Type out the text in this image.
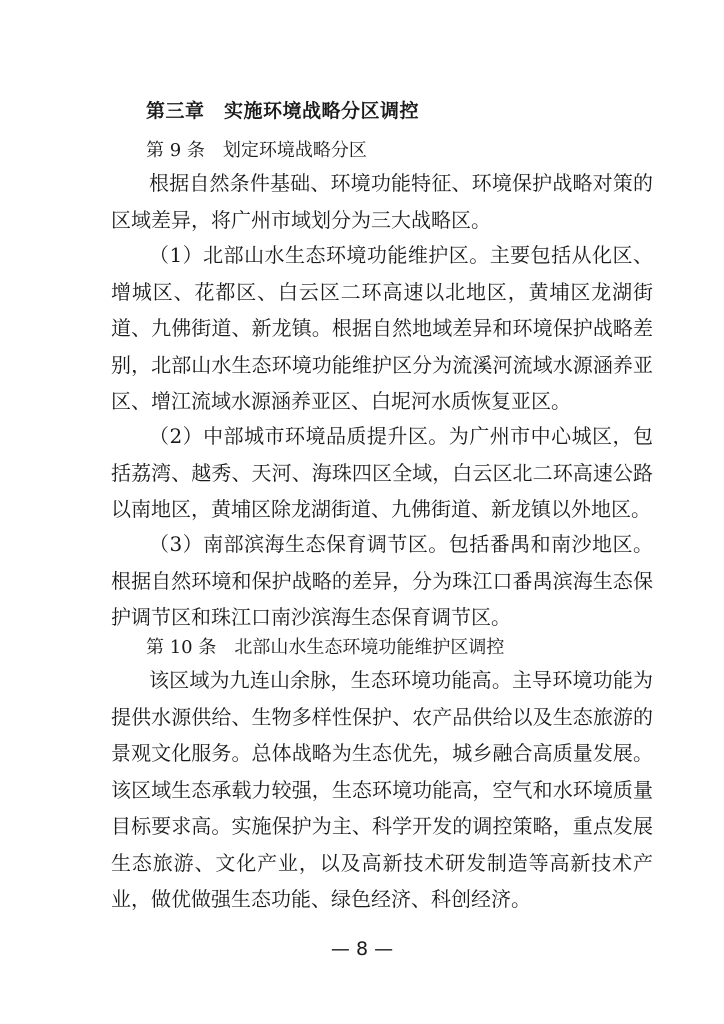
第三章　实施环境战略分区调控
第 9 条　划定环境战略分区
根据自然条件基础、环境功能特征、环境保护战略对策的区域差异，将广州市域划分为三大战略区。
（1）北部山水生态环境功能维护区。主要包括从化区、增城区、花都区、白云区二环高速以北地区，黄埔区龙湖街道、九佛街道、新龙镇。根据自然地域差异和环境保护战略差别，北部山水生态环境功能维护区分为流溪河流域水源涵养亚区、增江流域水源涵养亚区、白坭河水质恢复亚区。
（2）中部城市环境品质提升区。为广州市中心城区，包括荔湾、越秀、天河、海珠四区全域，白云区北二环高速公路以南地区，黄埔区除龙湖街道、九佛街道、新龙镇以外地区。
（3）南部滨海生态保育调节区。包括番禺和南沙地区。根据自然环境和保护战略的差异，分为珠江口番禺滨海生态保护调节区和珠江口南沙滨海生态保育调节区。
第 10 条　北部山水生态环境功能维护区调控
该区域为九连山余脉，生态环境功能高。主导环境功能为提供水源供给、生物多样性保护、农产品供给以及生态旅游的景观文化服务。总体战略为生态优先，城乡融合高质量发展。该区域生态承载力较强，生态环境功能高，空气和水环境质量目标要求高。实施保护为主、科学开发的调控策略，重点发展生态旅游、文化产业，以及高新技术研发制造等高新技术产业，做优做强生态功能、绿色经济、科创经济。
— 8 —
